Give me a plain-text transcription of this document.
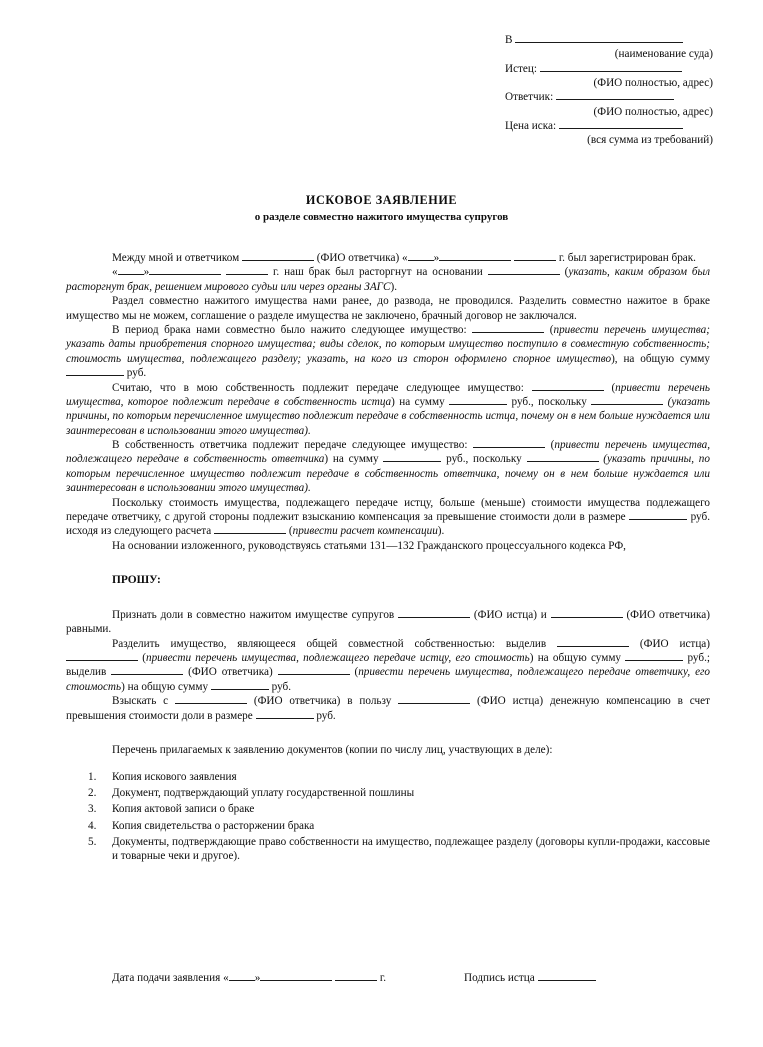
В
(наименование суда)
Истец:
(ФИО полностью, адрес)
Ответчик:
(ФИО полностью, адрес)
Цена иска:
(вся сумма из требований)
ИСКОВОЕ ЗАЯВЛЕНИЕ
о разделе совместно нажитого имущества супругов

Между мной и ответчиком	(ФИО ответчика) « »	г. был зарегистрирован брак.

« »	г. наш брак был расторгнут на основании	(указать, каким образом был расторгнут брак, решением мирового судьи или через органы ЗАГС).

Раздел совместно нажитого имущества нами ранее, до развода, не проводился. Разделить совместно нажитое в браке имущество мы не можем, соглашение о разделе имущества не заключено, брачный договор не заключался.

В период брака нами совместно было нажито следующее имущество:	(привести перечень имущества; указать даты приобретения спорного имущества; виды сделок, по которым имущество поступило в совместную собственность; стоимость имущества, подлежащего разделу; указать, на кого из сторон оформлено спорное имущество), на общую сумму  руб.

Считаю, что в мою собственность подлежит передаче следующее имущество:	(привести перечень имущества, которое подлежит передаче в собственность истца) на сумму	руб., поскольку	(указать причины, по которым перечисленное имущество подлежит передаче в собственность истца, почему он в нем больше нуждается или заинтересован в использовании этого имущества).

В собственность ответчика подлежит передаче следующее имущество:	(привести перечень имущества, подлежащего передаче в собственность ответчика) на сумму	руб., поскольку	(указать причины, по которым перечисленное имущество подлежит передаче в собственность ответчика, почему он в нем больше нуждается или заинтересован в использовании этого имущества).

Поскольку стоимость имущества, подлежащего передаче истцу, больше (меньше) стоимости имущества подлежащего передаче ответчику, с другой стороны подлежит взысканию компенсация за превышение стоимости доли в размере	руб. исходя из следующего расчета	(привести расчет компенсации).

На основании изложенного, руководствуясь статьями 131—132 Гражданского процессуального кодекса РФ,

ПРОШУ:

Признать доли в совместно нажитом имуществе супругов	(ФИО истца) и	(ФИО ответчика) равными.

Разделить имущество, являющееся общей совместной собственностью: выделив	(ФИО истца)  (привести перечень имущества, подлежащего передаче истцу, его стоимость) на общую сумму	руб.; выделив	(ФИО ответчика)	(привести перечень имущества, подлежащего передаче ответчику, его стоимость) на общую сумму	руб.

Взыскать с	(ФИО ответчика) в пользу	(ФИО истца) денежную компенсацию в счет превышения стоимости доли в размере	руб.

Перечень прилагаемых к заявлению документов (копии по числу лиц, участвующих в деле):

1.	Копия искового заявления
2.	Документ, подтверждающий уплату государственной пошлины
3.	Копия актовой записи о браке
4.	Копия свидетельства о расторжении брака
5.	Документы, подтверждающие право собственности на имущество, подлежащее разделу (договоры купли-продажи, кассовые и товарные чеки и другое).
Дата подачи заявления « »	г.	Подпись истца
